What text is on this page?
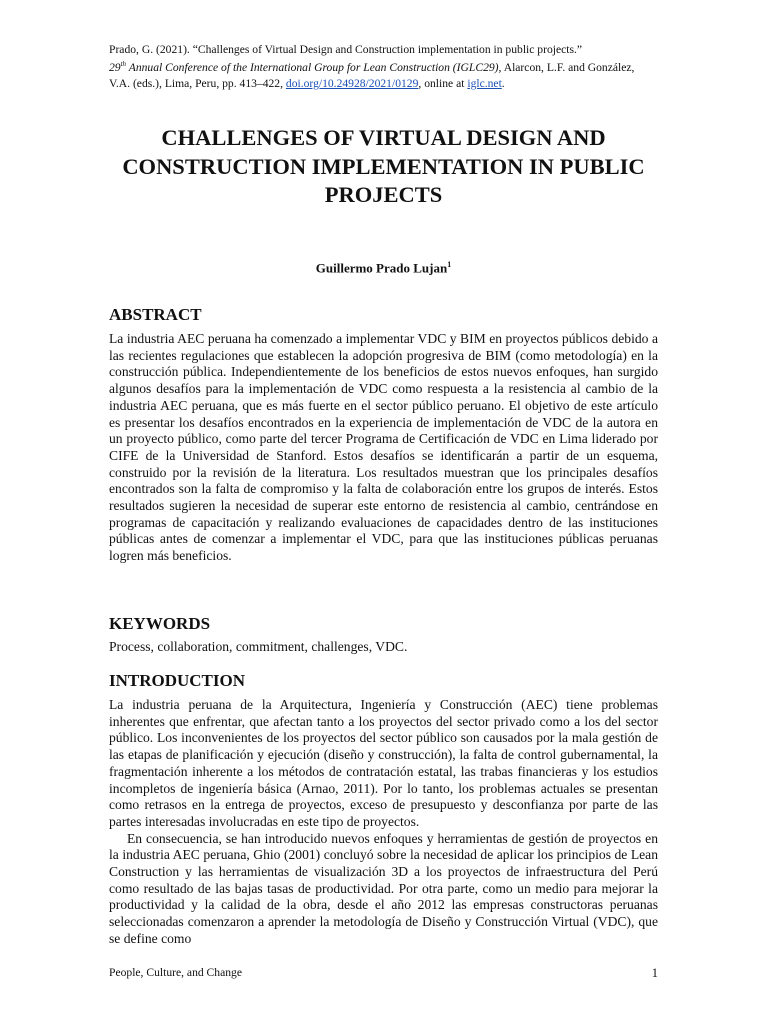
Prado, G. (2021). “Challenges of Virtual Design and Construction implementation in public projects.”
29th Annual Conference of the International Group for Lean Construction (IGLC29), Alarcon, L.F. and González, V.A. (eds.), Lima, Peru, pp. 413–422, doi.org/10.24928/2021/0129, online at iglc.net.
CHALLENGES OF VIRTUAL DESIGN AND CONSTRUCTION IMPLEMENTATION IN PUBLIC PROJECTS
Guillermo Prado Lujan$^1$
ABSTRACT

La industria AEC peruana ha comenzado a implementar VDC y BIM en proyectos públicos debido a las recientes regulaciones que establecen la adopción progresiva de BIM (como metodología) en la construcción pública. Independientemente de los beneficios de estos nuevos enfoques, han surgido algunos desafíos para la implementación de VDC como respuesta a la resistencia al cambio de la industria AEC peruana, que es más fuerte en el sector público peruano. El objetivo de este artículo es presentar los desafíos encontrados en la experiencia de implementación de VDC de la autora en un proyecto público, como parte del tercer Programa de Certificación de VDC en Lima liderado por CIFE de la Universidad de Stanford. Estos desafíos se identificarán a partir de un esquema, construido por la revisión de la literatura. Los resultados muestran que los principales desafíos encontrados son la falta de compromiso y la falta de colaboración entre los grupos de interés. Estos resultados sugieren la necesidad de superar este entorno de resistencia al cambio, centrándose en programas de capacitación y realizando evaluaciones de capacidades dentro de las instituciones públicas antes de comenzar a implementar el VDC, para que las instituciones públicas peruanas logren más beneficios.

KEYWORDS

Process, collaboration, commitment, challenges, VDC.

INTRODUCTION

La industria peruana de la Arquitectura, Ingeniería y Construcción (AEC) tiene problemas inherentes que enfrentar, que afectan tanto a los proyectos del sector privado como a los del sector público. Los inconvenientes de los proyectos del sector público son causados por la mala gestión de las etapas de planificación y ejecución (diseño y construcción), la falta de control gubernamental, la fragmentación inherente a los métodos de contratación estatal, las trabas financieras y los estudios incompletos de ingeniería básica (Arnao, 2011). Por lo tanto, los problemas actuales se presentan como retrasos en la entrega de proyectos, exceso de presupuesto y desconfianza por parte de las partes interesadas involucradas en este tipo de proyectos.

En consecuencia, se han introducido nuevos enfoques y herramientas de gestión de proyectos en la industria AEC peruana, Ghio (2001) concluyó sobre la necesidad de aplicar los principios de Lean Construction y las herramientas de visualización 3D a los proyectos de infraestructura del Perú como resultado de las bajas tasas de productividad. Por otra parte, como un medio para mejorar la productividad y la calidad de la obra, desde el año 2012 las empresas constructoras peruanas seleccionadas comenzaron a aprender la metodología de Diseño y Construcción Virtual (VDC), que se define como

People, Culture, and Change	1
